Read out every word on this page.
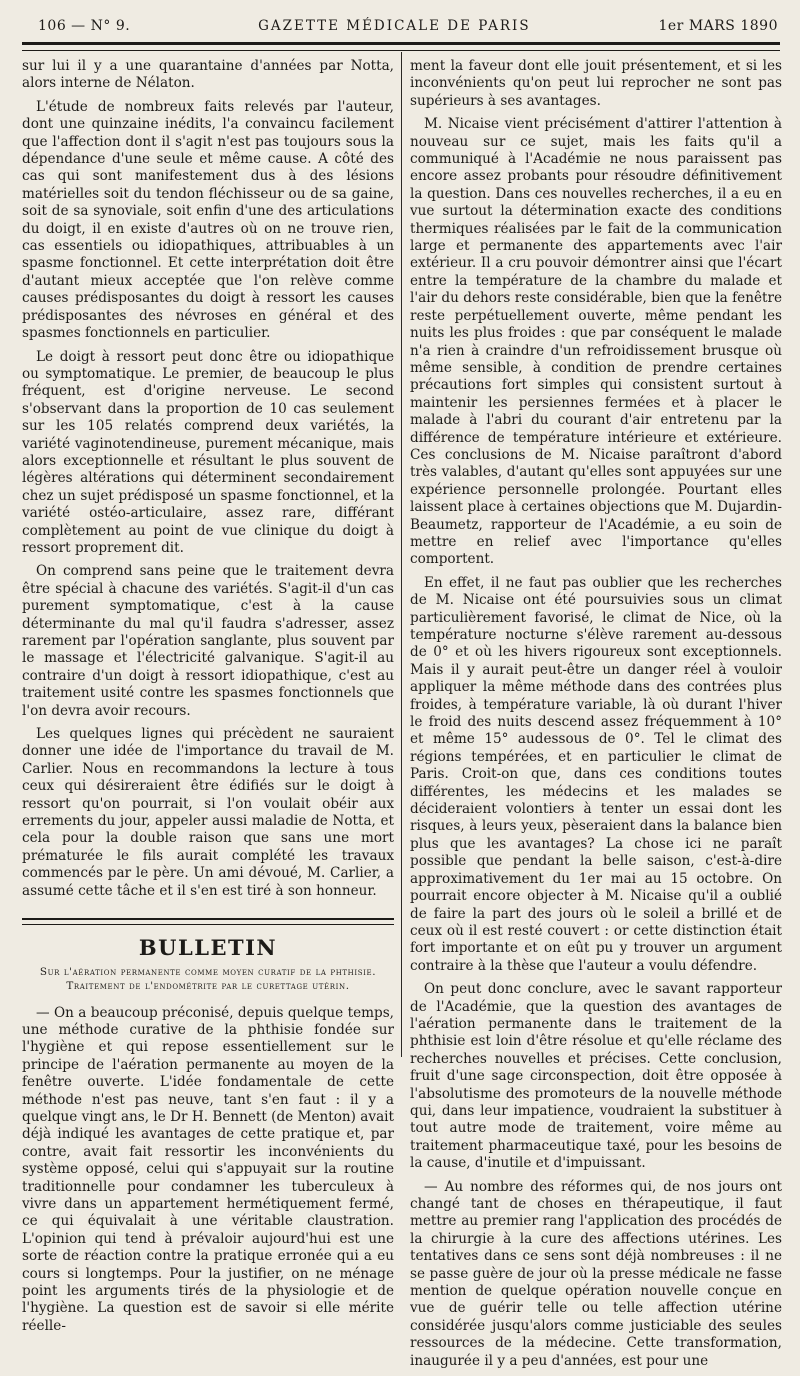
106 — N° 9.	GAZETTE MÉDICALE DE PARIS	1er MARS 1890

sur lui il y a une quarantaine d'années par Notta, alors interne de Nélaton.

L'étude de nombreux faits relevés par l'auteur, dont une quinzaine inédits, l'a convaincu facilement que l'affection dont il s'agit n'est pas toujours sous la dépendance d'une seule et même cause. A côté des cas qui sont manifestement dus à des lésions matérielles soit du tendon fléchisseur ou de sa gaine, soit de sa synoviale, soit enfin d'une des articulations du doigt, il en existe d'autres où on ne trouve rien, cas essentiels ou idiopathiques, attribuables à un spasme fonctionnel. Et cette interprétation doit être d'autant mieux acceptée que l'on relève comme causes prédisposantes du doigt à ressort les causes prédisposantes des névroses en général et des spasmes fonctionnels en particulier.

Le doigt à ressort peut donc être ou idiopathique ou symptomatique. Le premier, de beaucoup le plus fréquent, est d'origine nerveuse. Le second s'observant dans la proportion de 10 cas seulement sur les 105 relatés comprend deux variétés, la variété vaginotendineuse, purement mécanique, mais alors exceptionnelle et résultant le plus souvent de légères altérations qui déterminent secondairement chez un sujet prédisposé un spasme fonctionnel, et la variété ostéo-articulaire, assez rare, différant complètement au point de vue clinique du doigt à ressort proprement dit.

On comprend sans peine que le traitement devra être spécial à chacune des variétés. S'agit-il d'un cas purement symptomatique, c'est à la cause déterminante du mal qu'il faudra s'adresser, assez rarement par l'opération sanglante, plus souvent par le massage et l'électricité galvanique. S'agit-il au contraire d'un doigt à ressort idiopathique, c'est au traitement usité contre les spasmes fonctionnels que l'on devra avoir recours.

Les quelques lignes qui précèdent ne sauraient donner une idée de l'importance du travail de M. Carlier. Nous en recommandons la lecture à tous ceux qui désireraient être édifiés sur le doigt à ressort qu'on pourrait, si l'on voulait obéir aux errements du jour, appeler aussi maladie de Notta, et cela pour la double raison que sans une mort prématurée le fils aurait complété les travaux commencés par le père. Un ami dévoué, M. Carlier, a assumé cette tâche et il s'en est tiré à son honneur.

BULLETIN
Sur l'aération permanente comme moyen curatif de la phthisie.
Traitement de l'endométrite par le curettage utérin.

— On a beaucoup préconisé, depuis quelque temps, une méthode curative de la phthisie fondée sur l'hygiène et qui repose essentiellement sur le principe de l'aération permanente au moyen de la fenêtre ouverte. L'idée fondamentale de cette méthode n'est pas neuve, tant s'en faut : il y a quelque vingt ans, le Dr H. Bennett (de Menton) avait déjà indiqué les avantages de cette pratique et, par contre, avait fait ressortir les inconvénients du système opposé, celui qui s'appuyait sur la routine traditionnelle pour condamner les tuberculeux à vivre dans un appartement hermétiquement fermé, ce qui équivalait à une véritable claustration. L'opinion qui tend à prévaloir aujourd'hui est une sorte de réaction contre la pratique erronée qui a eu cours si longtemps. Pour la justifier, on ne ménage point les arguments tirés de la physiologie et de l'hygiène. La question est de savoir si elle mérite réelle-

ment la faveur dont elle jouit présentement, et si les inconvénients qu'on peut lui reprocher ne sont pas supérieurs à ses avantages.

M. Nicaise vient précisément d'attirer l'attention à nouveau sur ce sujet, mais les faits qu'il a communiqué à l'Académie ne nous paraissent pas encore assez probants pour résoudre définitivement la question. Dans ces nouvelles recherches, il a eu en vue surtout la détermination exacte des conditions thermiques réalisées par le fait de la communication large et permanente des appartements avec l'air extérieur. Il a cru pouvoir démontrer ainsi que l'écart entre la température de la chambre du malade et l'air du dehors reste considérable, bien que la fenêtre reste perpétuellement ouverte, même pendant les nuits les plus froides : que par conséquent le malade n'a rien à craindre d'un refroidissement brusque où même sensible, à condition de prendre certaines précautions fort simples qui consistent surtout à maintenir les persiennes fermées et à placer le malade à l'abri du courant d'air entretenu par la différence de température intérieure et extérieure. Ces conclusions de M. Nicaise paraîtront d'abord très valables, d'autant qu'elles sont appuyées sur une expérience personnelle prolongée. Pourtant elles laissent place à certaines objections que M. Dujardin-Beaumetz, rapporteur de l'Académie, a eu soin de mettre en relief avec l'importance qu'elles comportent.

En effet, il ne faut pas oublier que les recherches de M. Nicaise ont été poursuivies sous un climat particulièrement favorisé, le climat de Nice, où la température nocturne s'élève rarement au-dessous de 0° et où les hivers rigoureux sont exceptionnels. Mais il y aurait peut-être un danger réel à vouloir appliquer la même méthode dans des contrées plus froides, à température variable, là où durant l'hiver le froid des nuits descend assez fréquemment à 10° et même 15° audessous de 0°. Tel le climat des régions tempérées, et en particulier le climat de Paris. Croit-on que, dans ces conditions toutes différentes, les médecins et les malades se décideraient volontiers à tenter un essai dont les risques, à leurs yeux, pèseraient dans la balance bien plus que les avantages? La chose ici ne paraît possible que pendant la belle saison, c'est-à-dire approximativement du 1er mai au 15 octobre. On pourrait encore objecter à M. Nicaise qu'il a oublié de faire la part des jours où le soleil a brillé et de ceux où il est resté couvert : or cette distinction était fort importante et on eût pu y trouver un argument contraire à la thèse que l'auteur a voulu défendre.

On peut donc conclure, avec le savant rapporteur de l'Académie, que la question des avantages de l'aération permanente dans le traitement de la phthisie est loin d'être résolue et qu'elle réclame des recherches nouvelles et précises. Cette conclusion, fruit d'une sage circonspection, doit être opposée à l'absolutisme des promoteurs de la nouvelle méthode qui, dans leur impatience, voudraient la substituer à tout autre mode de traitement, voire même au traitement pharmaceutique taxé, pour les besoins de la cause, d'inutile et d'impuissant.

— Au nombre des réformes qui, de nos jours ont changé tant de choses en thérapeutique, il faut mettre au premier rang l'application des procédés de la chirurgie à la cure des affections utérines. Les tentatives dans ce sens sont déjà nombreuses : il ne se passe guère de jour où la presse médicale ne fasse mention de quelque opération nouvelle conçue en vue de guérir telle ou telle affection utérine considérée jusqu'alors comme justiciable des seules ressources de la médecine. Cette transformation, inaugurée il y a peu d'années, est pour une
